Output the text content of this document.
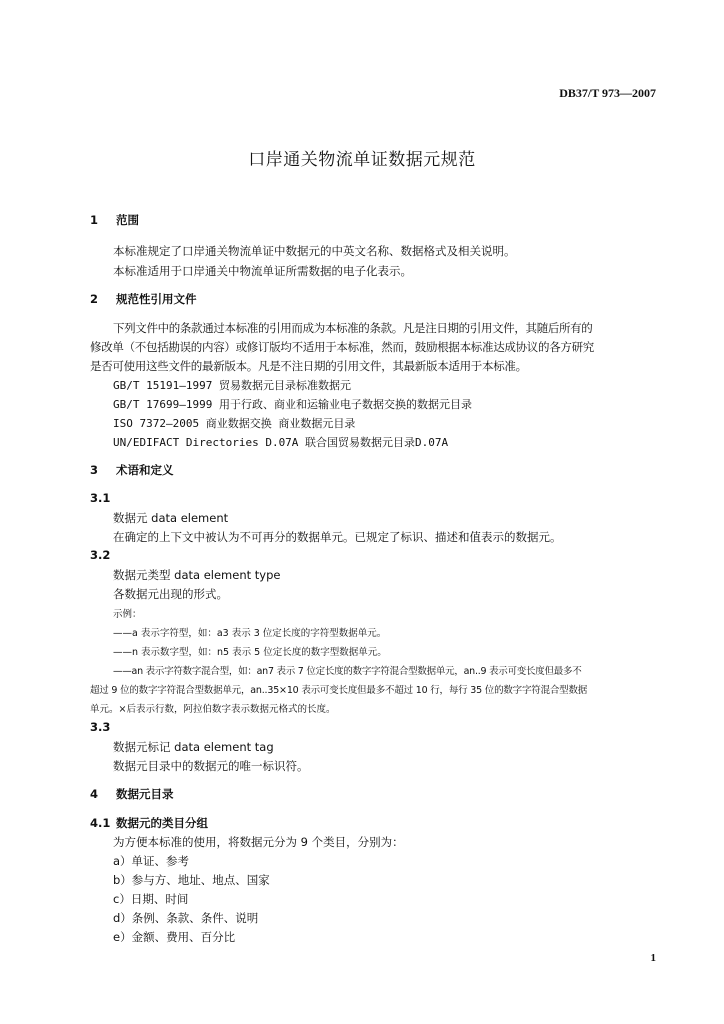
DB37/T 973—2007
口岸通关物流单证数据元规范
1 范围
本标准规定了口岸通关物流单证中数据元的中英文名称、数据格式及相关说明。
本标准适用于口岸通关中物流单证所需数据的电子化表示。
2 规范性引用文件
下列文件中的条款通过本标准的引用而成为本标准的条款。凡是注日期的引用文件，其随后所有的
修改单（不包括勘误的内容）或修订版均不适用于本标准，然而，鼓励根据本标准达成协议的各方研究
是否可使用这些文件的最新版本。凡是不注日期的引用文件，其最新版本适用于本标准。
GB/T 15191—1997 贸易数据元目录标准数据元
GB/T 17699—1999 用于行政、商业和运输业电子数据交换的数据元目录
ISO 7372—2005 商业数据交换 商业数据元目录
UN/EDIFACT Directories D.07A 联合国贸易数据元目录D.07A
3 术语和定义
3.1
数据元 data element
在确定的上下文中被认为不可再分的数据单元。已规定了标识、描述和值表示的数据元。
3.2
数据元类型 data element type
各数据元出现的形式。
示例：
——a 表示字符型，如：a3 表示 3 位定长度的字符型数据单元。
——n 表示数字型，如：n5 表示 5 位定长度的数字型数据单元。
——an 表示字符数字混合型，如：an7 表示 7 位定长度的数字字符混合型数据单元，an..9 表示可变长度但最多不
超过 9 位的数字字符混合型数据单元，an..35×10 表示可变长度但最多不超过 10 行，每行 35 位的数字字符混合型数据
单元。×后表示行数，阿拉伯数字表示数据元格式的长度。
3.3
数据元标记 data element tag
数据元目录中的数据元的唯一标识符。
4 数据元目录
4.1 数据元的类目分组
为方便本标准的使用，将数据元分为 9 个类目，分别为：
a）单证、参考
b）参与方、地址、地点、国家
c）日期、时间
d）条例、条款、条件、说明
e）金额、费用、百分比
1
